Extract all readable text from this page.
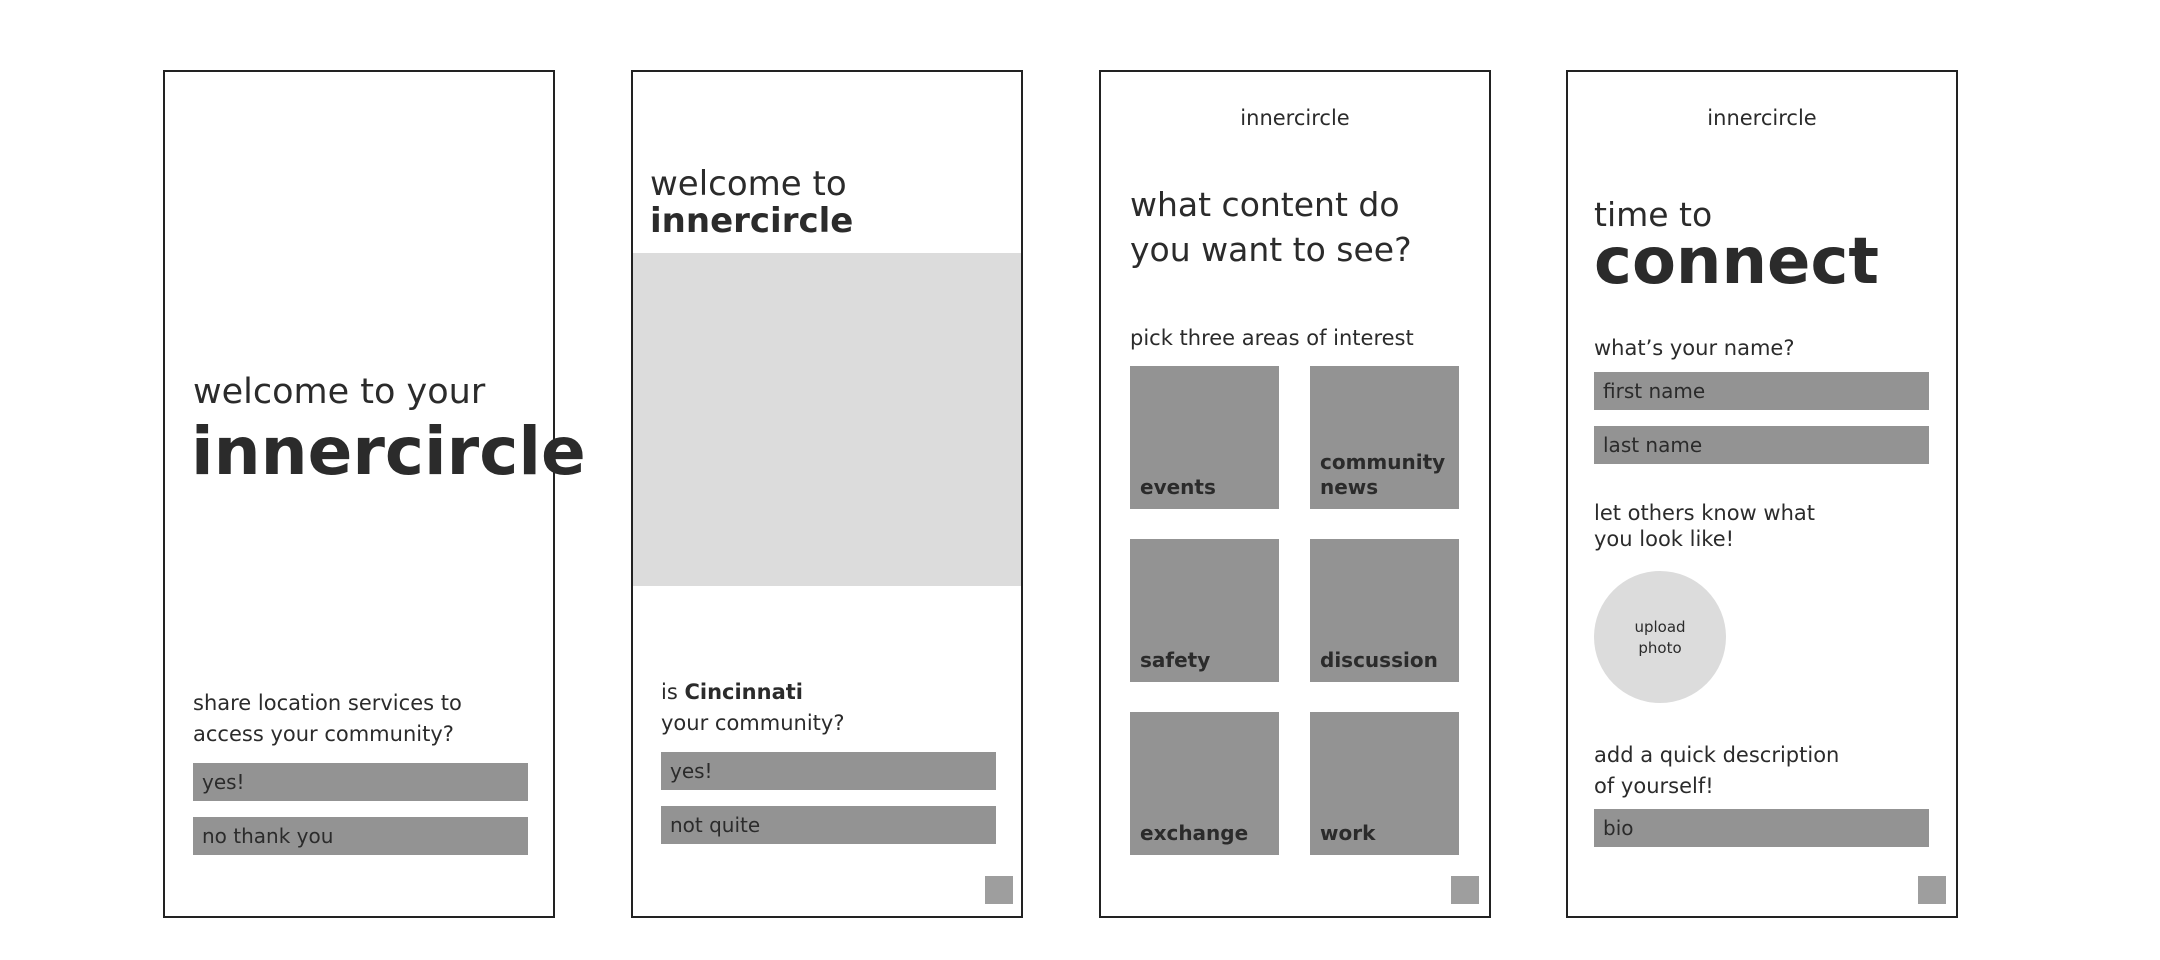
welcome to your
innercircle
share location services to access your community?
yes!
no thank you
welcome to
innercircle
is Cincinnati
your community?
yes!
not quite
innercircle
what content do you want to see?
pick three areas of interest
events
community
news
safety	discussion
exchange	work
innercircle
time to
connect
what’s your name?
first name
last name
let others know what you look like!
upload photo
add a quick description of yourself!
bio
